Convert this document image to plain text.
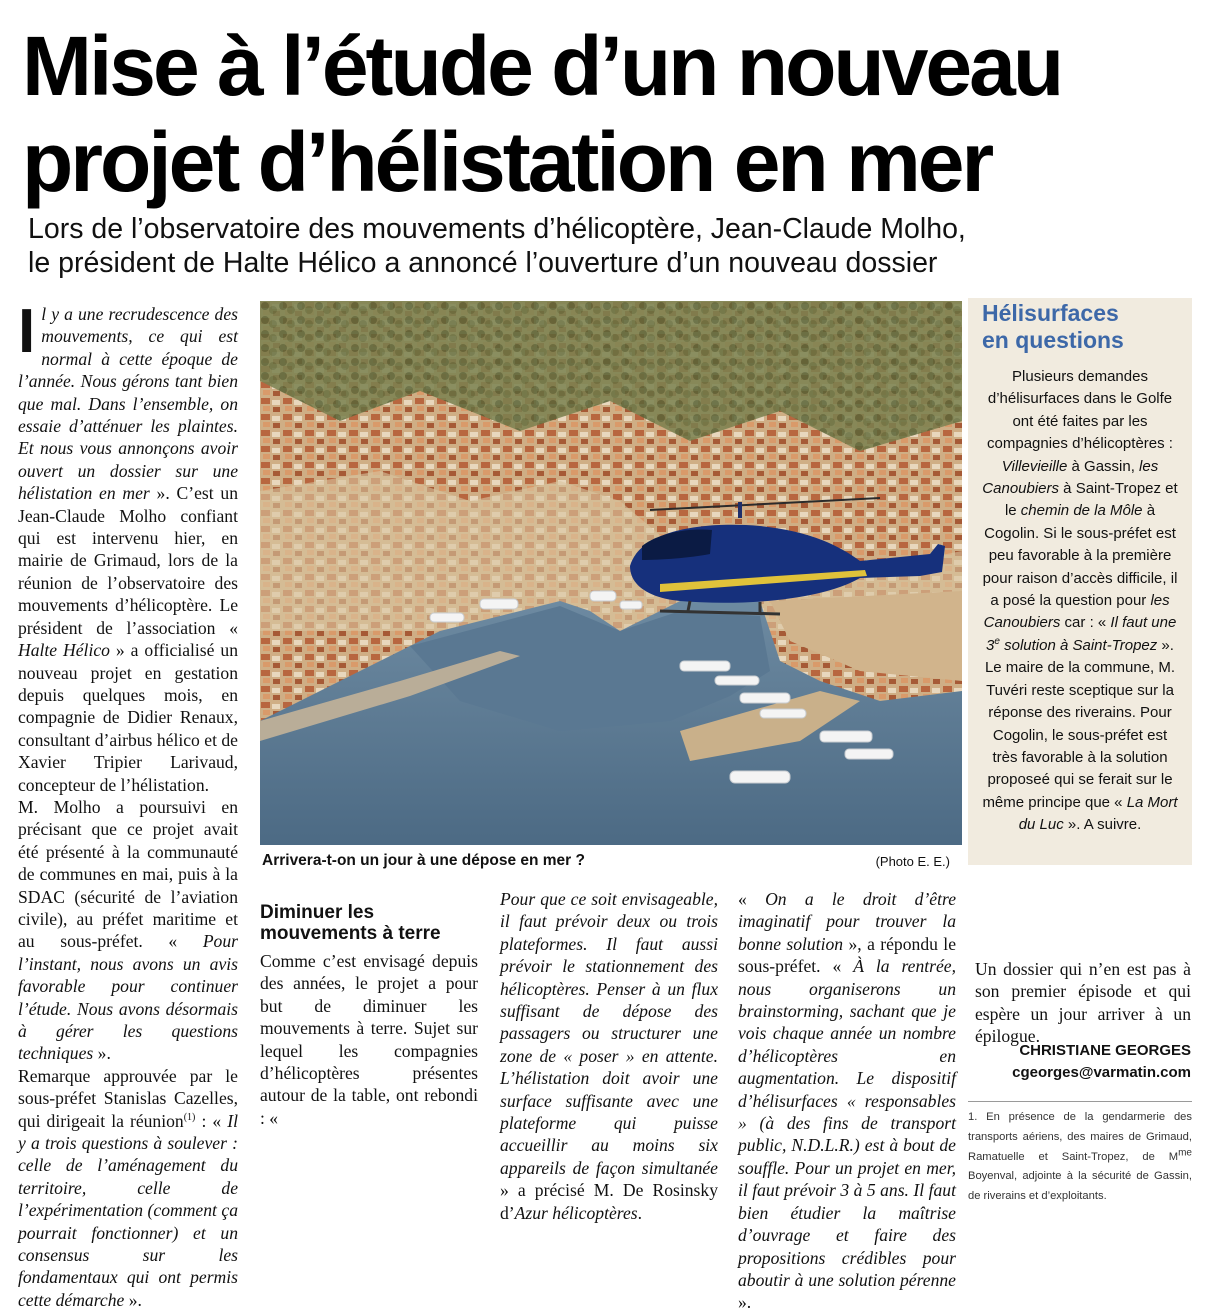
Mise à l’étude d’un nouveau
projet d’hélistation en mer
Lors de l’observatoire des mouvements d’hélicoptère, Jean-Claude Molho,
le président de Halte Hélico a annoncé l’ouverture d’un nouveau dossier

Il y a une recrudescence des mouvements, ce qui est normal à cette époque de l’année. Nous gérons tant bien que mal. Dans l’ensemble, on essaie d’atténuer les plaintes. Et nous vous annonçons avoir ouvert un dossier sur une hélistation en mer ». C’est un Jean-Claude Molho confiant qui est intervenu hier, en mairie de Grimaud, lors de la réunion de l’observatoire des mouvements d’hélicoptère. Le président de l’association « Halte Hélico » a officialisé un nouveau projet en gestation depuis quelques mois, en compagnie de Didier Renaux, consultant d’airbus hélico et de Xavier Tripier Larivaud, concepteur de l’hélistation.

M. Molho a poursuivi en précisant que ce projet avait été présenté à la communauté de communes en mai, puis à la SDAC (sécurité de l’aviation civile), au préfet maritime et au sous-préfet. « Pour l’instant, nous avons un avis favorable pour continuer l’étude. Nous avons désormais à gérer les questions techniques ».

Remarque approuvée par le sous-préfet Stanislas Cazelles, qui dirigeait la réunion$^{(1)}$ : « Il y a trois questions à soulever : celle de l’aménagement du territoire, celle de l’expérimentation (comment ça pourrait fonctionner) et un consensus sur les fondamentaux qui ont permis cette démarche ».

Arrivera-t-on un jour à une dépose en mer ?	(Photo E. E.)
Diminuer les mouvements à terre

Comme c’est envisagé depuis des années, le projet a pour but de diminuer les mouvements à terre. Sujet sur lequel les compagnies d’hélicoptères présentes autour de la table, ont rebondi : «

Pour que ce soit envisageable, il faut prévoir deux ou trois plateformes. Il faut aussi prévoir le stationnement des hélicoptères. Penser à un flux suffisant de dépose des passagers ou structurer une zone de « poser » en attente. L’hélistation doit avoir une surface suffisante avec une plateforme qui puisse accueillir au moins six appareils de façon simultanée » a précisé M. De Rosinsky d’Azur hélicoptères.

« On a le droit d’être imaginatif pour trouver la bonne solution », a répondu le sous-préfet. « À la rentrée, nous organiserons un brainstorming, sachant que je vois chaque année un nombre d’hélicoptères en augmentation. Le dispositif d’hélisurfaces « responsables » (à des fins de transport public, N.D.L.R.) est à bout de souffle. Pour un projet en mer, il faut prévoir 3 à 5 ans. Il faut bien étudier la maîtrise d’ouvrage et faire des propositions crédibles pour aboutir à une solution pérenne ».

Un dossier qui n’en est pas à son premier épisode et qui espère un jour arriver à un épilogue.

Hélisurfaces
en questions
Plusieurs demandes d’hélisurfaces dans le Golfe ont été faites par les compagnies d’hélicoptères : Villevieille à Gassin, les Canoubiers à Saint-Tropez et le chemin de la Môle à Cogolin. Si le sous-préfet est peu favorable à la première pour raison d’accès difficile, il a posé la question pour les Canoubiers car : « Il faut une 3e solution à Saint-Tropez ». Le maire de la commune, M. Tuvéri reste sceptique sur la réponse des riverains. Pour Cogolin, le sous-préfet est très favorable à la solution proposeé qui se ferait sur le même principe que « La Mort du Luc ». A suivre.
CHRISTIANE GEORGES
cgeorges@varmatin.com
1. En présence de la gendarmerie des transports aériens, des maires de Grimaud, Ramatuelle et Saint-Tropez, de Mme Boyenval, adjointe à la sécurité de Gassin, de riverains et d’exploitants.
